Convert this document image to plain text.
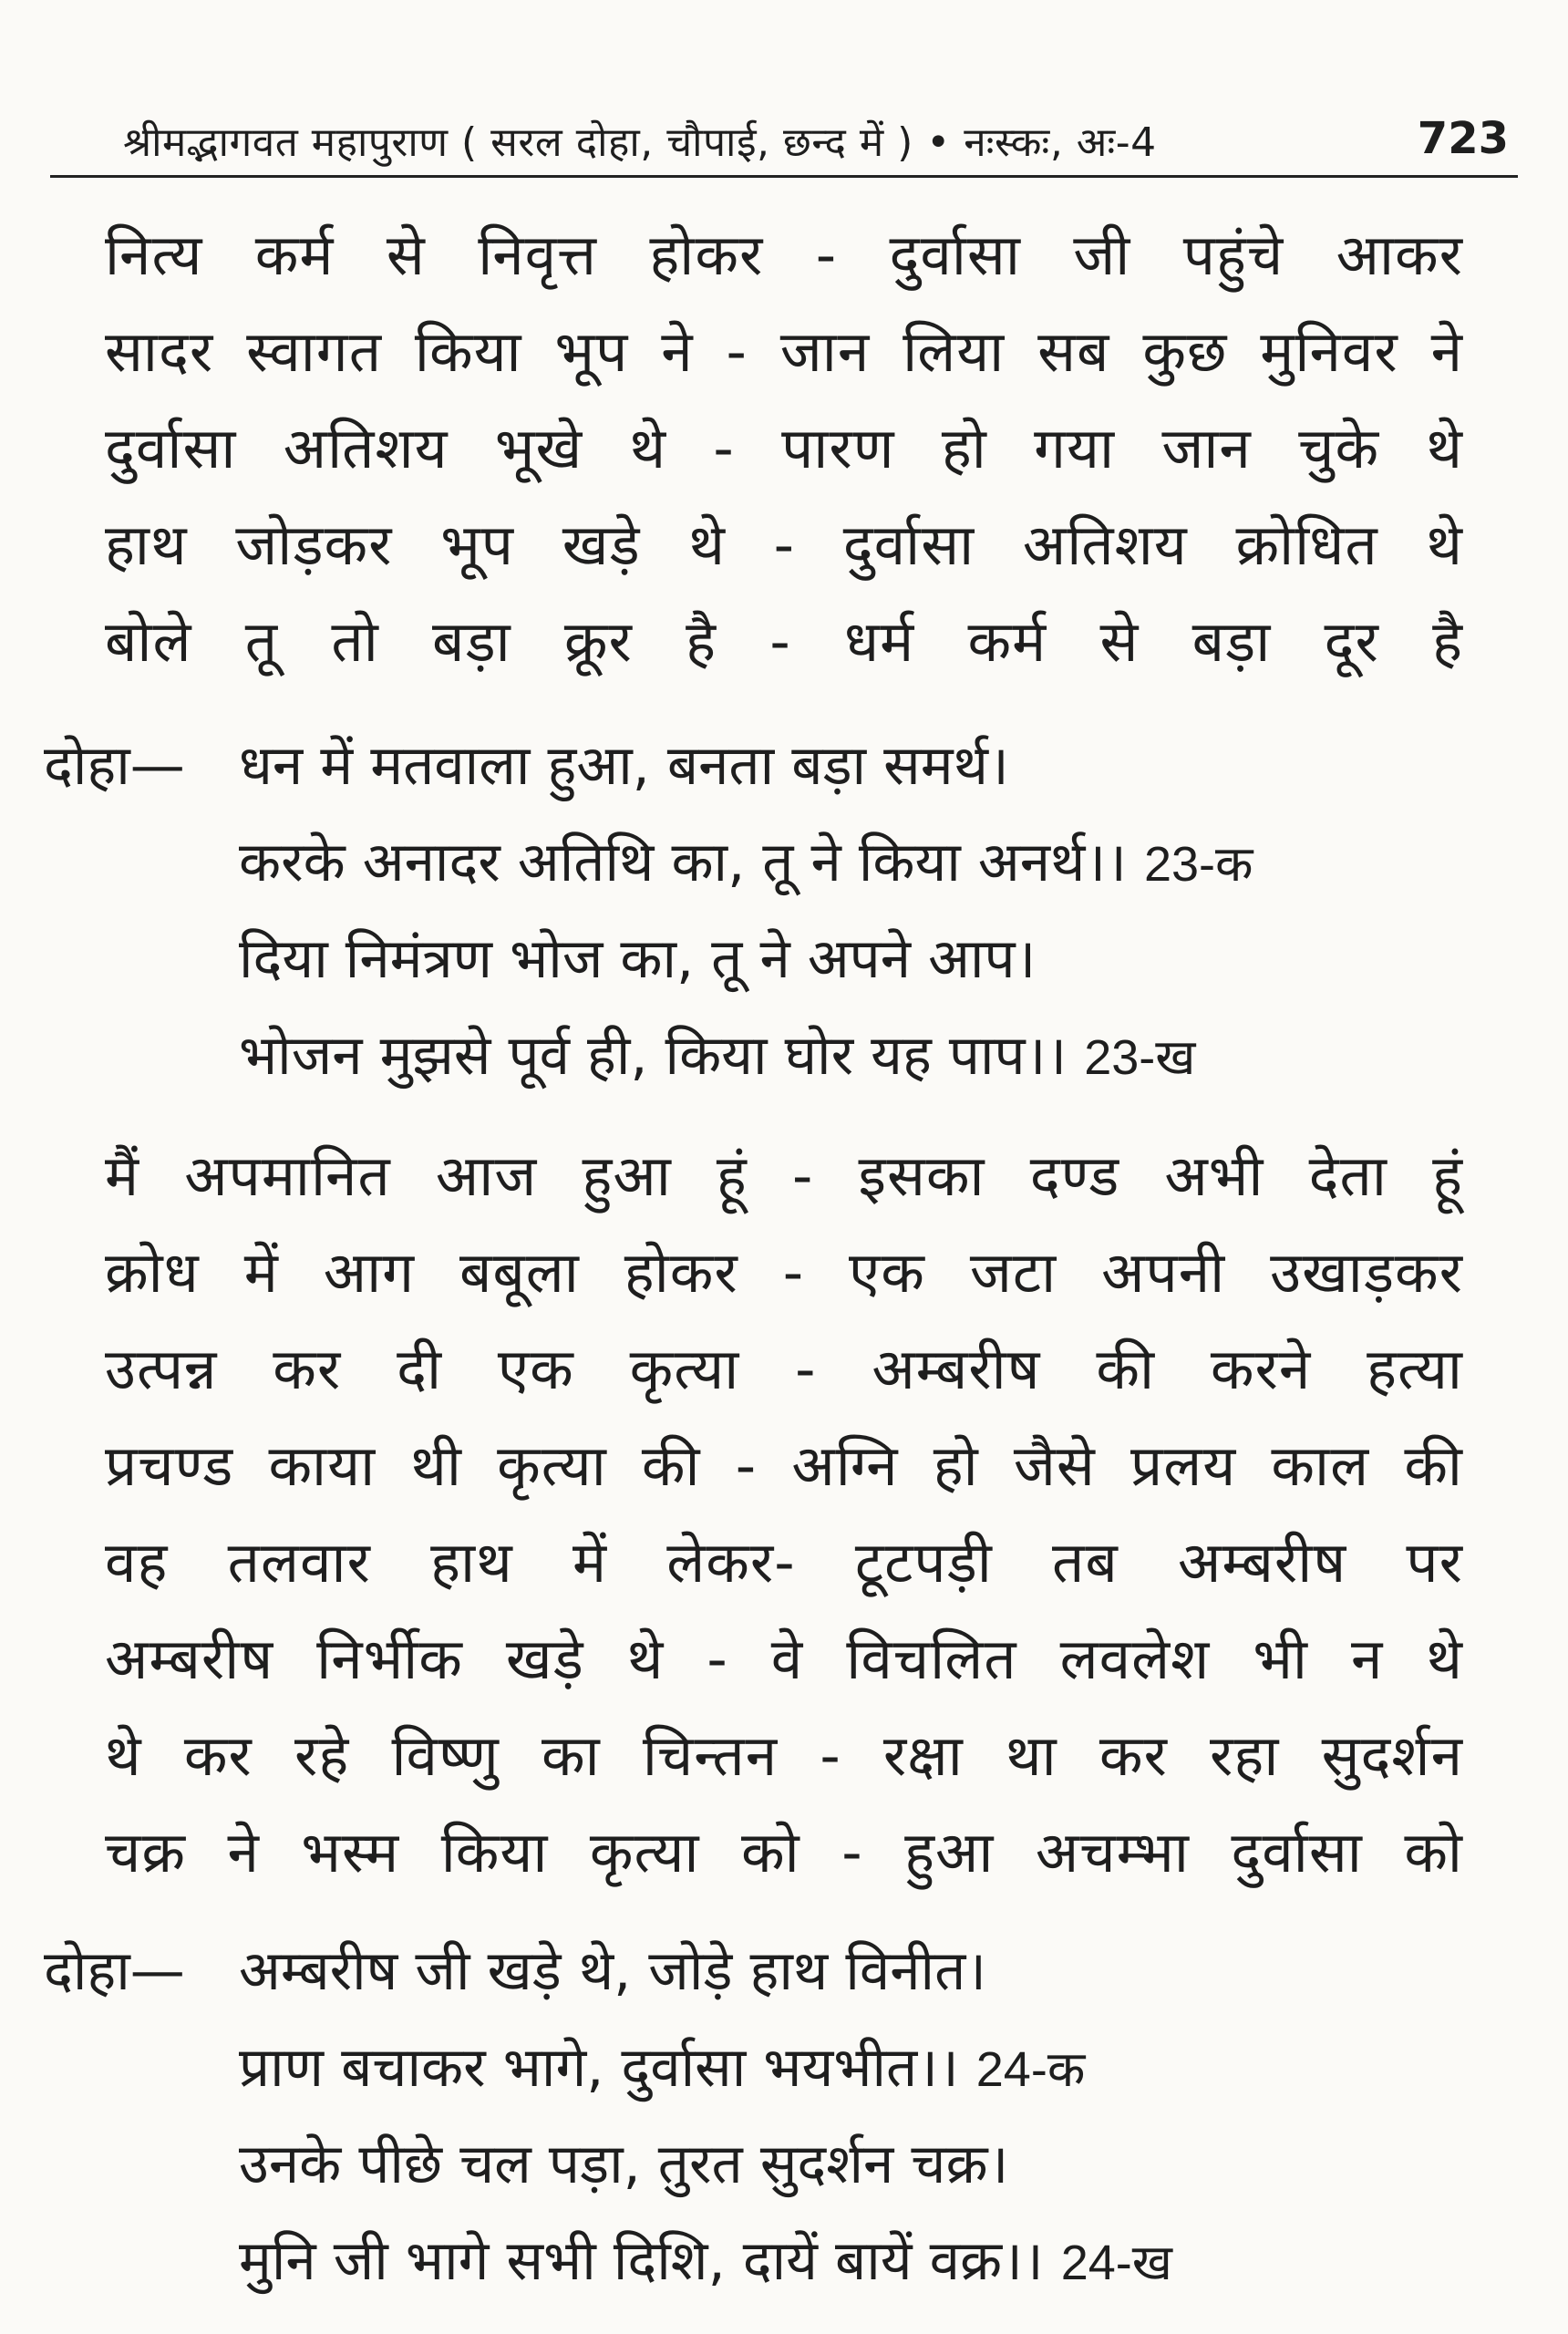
श्रीमद्भागवत महापुराण ( सरल दोहा, चौपाई, छन्द में ) • नःस्कः, अः-4	723
नित्य कर्म से निवृत्त होकर - दुर्वासा जी पहुंचे आकर
सादर स्वागत किया भूप ने - जान लिया सब कुछ मुनिवर ने
दुर्वासा अतिशय भूखे थे - पारण हो गया जान चुके थे
हाथ जोड़कर भूप खड़े थे - दुर्वासा अतिशय क्रोधित थे
बोले तू तो बड़ा क्रूर है - धर्म कर्म से बड़ा दूर है
दोहा— धन में मतवाला हुआ, बनता बड़ा समर्थ।
करके अनादर अतिथि का, तू ने किया अनर्थ।। 23-क
दिया निमंत्रण भोज का, तू ने अपने आप।
भोजन मुझसे पूर्व ही, किया घोर यह पाप।। 23-ख
मैं अपमानित आज हुआ हूं - इसका दण्ड अभी देता हूं
क्रोध में आग बबूला होकर - एक जटा अपनी उखाड़कर
उत्पन्न कर दी एक कृत्या - अम्बरीष की करने हत्या
प्रचण्ड काया थी कृत्या की - अग्नि हो जैसे प्रलय काल की
वह तलवार हाथ में लेकर- टूटपड़ी तब अम्बरीष पर
अम्बरीष निर्भीक खड़े थे - वे विचलित लवलेश भी न थे
थे कर रहे विष्णु का चिन्तन - रक्षा था कर रहा सुदर्शन
चक्र ने भस्म किया कृत्या को - हुआ अचम्भा दुर्वासा को
दोहा— अम्बरीष जी खड़े थे, जोड़े हाथ विनीत।
प्राण बचाकर भागे, दुर्वासा भयभीत।। 24-क
उनके पीछे चल पड़ा, तुरत सुदर्शन चक्र।
मुनि जी भागे सभी दिशि, दायें बायें वक्र।। 24-ख
